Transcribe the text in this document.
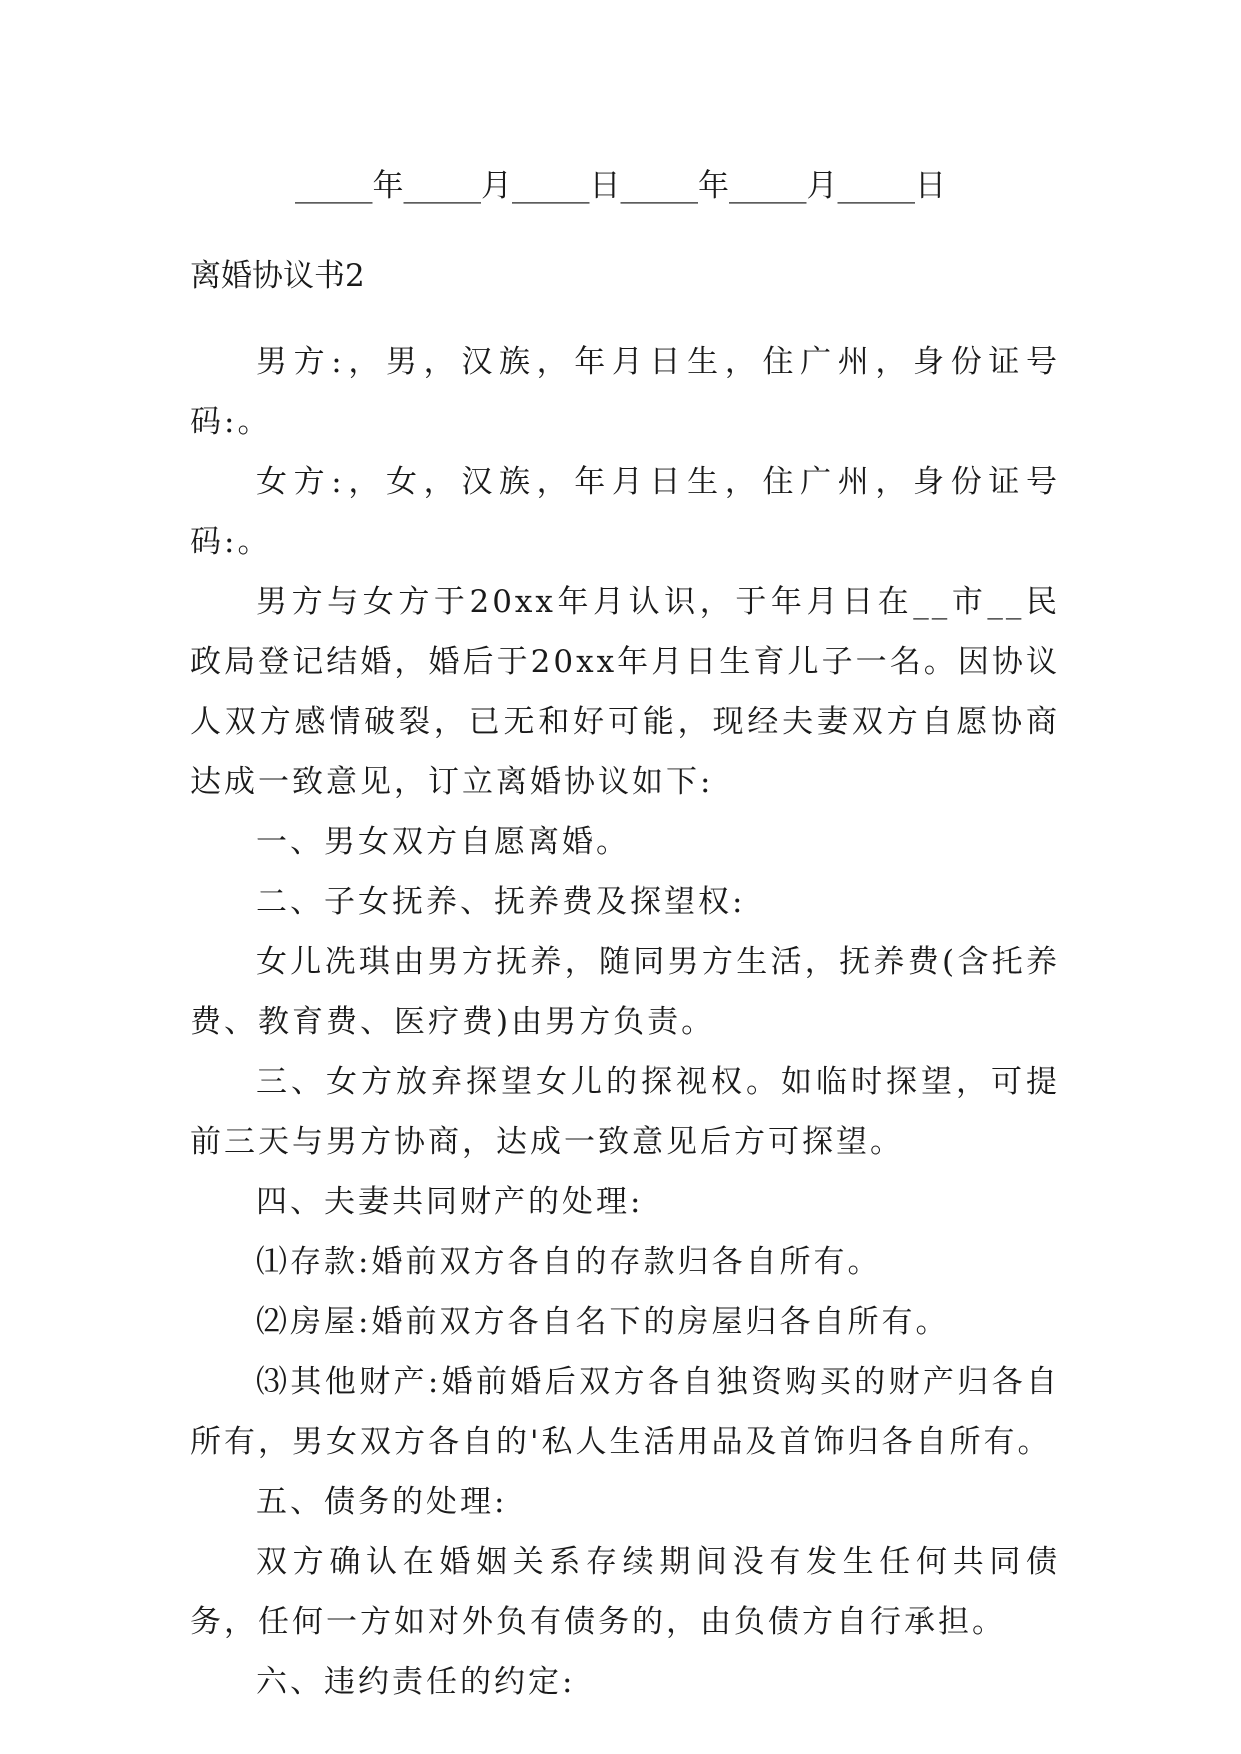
_____年_____月_____日_____年_____月_____日
离婚协议书2

男方:，男，汉族，年月日生，住广州，身份证号码:。

女方:，女，汉族，年月日生，住广州，身份证号码:。

男方与女方于20xx年月认识，于年月日在__市__民政局登记结婚，婚后于20xx年月日生育儿子一名。因协议人双方感情破裂，已无和好可能，现经夫妻双方自愿协商达成一致意见，订立离婚协议如下:

一、男女双方自愿离婚。

二、子女抚养、抚养费及探望权:

女儿冼琪由男方抚养，随同男方生活，抚养费(含托养费、教育费、医疗费)由男方负责。

三、女方放弃探望女儿的探视权。如临时探望，可提前三天与男方协商，达成一致意见后方可探望。

四、夫妻共同财产的处理:

⑴存款:婚前双方各自的存款归各自所有。

⑵房屋:婚前双方各自名下的房屋归各自所有。

⑶其他财产:婚前婚后双方各自独资购买的财产归各自所有，男女双方各自的'私人生活用品及首饰归各自所有。

五、债务的处理:

双方确认在婚姻关系存续期间没有发生任何共同债务，任何一方如对外负有债务的，由负债方自行承担。

六、违约责任的约定:
